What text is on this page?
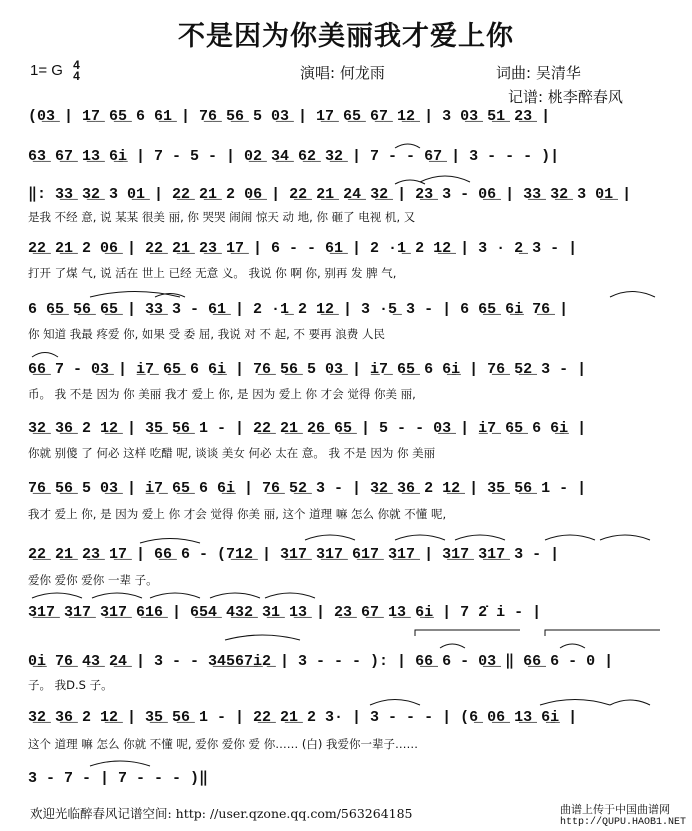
不是因为你美丽我才爱上你
1= G 4
4	演唱: 何龙雨	词曲: 吴清华
记谱: 桃李醉春风
(0̲3̲ | 1̲7̲ 6̲5̲ 6 6̲1̲ | 7̲6̲ 5̲6̲ 5 0̲3̲ | 1̲7̲ 6̲5̲ 6̲7̲ 1̲2̲ | 3 0̲3̲ 5̲1̲ 2̲3̲ |
6̲3̲ 6̲7̲ 1̲3̲ 6̲i̲ | 7 - 5 - | 0̲2̲ 3̲4̲ 6̲2̲ 3̲2̲ | 7 - - 6̲7̲ | 3 - - - )|
‖: 3̲3̲ 3̲2̲ 3 0̲1̲ | 2̲2̲ 2̲1̲ 2 0̲6̲ | 2̲2̲ 2̲1̲ 2̲4̲ 3̲2̲ | 2̲3̲ 3 - 0̲6̲ | 3̲3̲ 3̲2̲ 3 0̲1̲ |
是我 不经 意, 说 某某 很美 丽, 你 哭哭 闹闹 惊天 动 地, 你 砸了 电视 机, 又
2̲2̲ 2̲1̲ 2 0̲6̲ | 2̲2̲ 2̲1̲ 2̲3̲ 1̲7̲ | 6 - - 6̲1̲ | 2 ·1̲ 2 1̲2̲ | 3 · 2̲ 3 - |
打开 了煤 气, 说 活在 世上 已经 无意 义。 我说 你 啊 你, 别再 发 脾 气,
6 6̲5̲ 5̲6̲ 6̲5̲ | 3̲3̲ 3 - 6̲1̲ | 2 ·1̲ 2 1̲2̲ | 3 ·5̲ 3 - | 6 6̲5̲ 6̲i̲ 7̲6̲ |
你 知道 我最 疼爱 你, 如果 受 委 屈, 我说 对 不 起, 不 要再 浪费 人民
6̲6̲ 7 - 0̲3̲ | i̲7̲ 6̲5̲ 6 6̲i̲ | 7̲6̲ 5̲6̲ 5 0̲3̲ | i̲7̲ 6̲5̲ 6 6̲i̲ | 7̲6̲ 5̲2̲ 3 - |
币。 我 不是 因为 你 美丽 我才 爱上 你, 是 因为 爱上 你 才会 觉得 你美 丽,
3̲2̲ 3̲6̲ 2 1̲2̲ | 3̲5̲ 5̲6̲ 1 - | 2̲2̲ 2̲1̲ 2̲6̲ 6̲5̲ | 5 - - 0̲3̲ | i̲7̲ 6̲5̲ 6 6̲i̲ |
你就 别傻 了 何必 这样 吃醋 呢, 谈谈 美女 何必 太在 意。 我 不是 因为 你 美丽
7̲6̲ 5̲6̲ 5 0̲3̲ | i̲7̲ 6̲5̲ 6 6̲i̲ | 7̲6̲ 5̲2̲ 3 - | 3̲2̲ 3̲6̲ 2 1̲2̲ | 3̲5̲ 5̲6̲ 1 - |
我才 爱上 你, 是 因为 爱上 你 才会 觉得 你美 丽, 这个 道理 嘛 怎么 你就 不懂 呢,
2̲2̲ 2̲1̲ 2̲3̲ 1̲7̲ | 6̲6̲ 6 - (7̲1̲2̲ | 3̲1̲7̲ 3̲1̲7̲ 6̲1̲7̲ 3̲1̲7̲ | 3̲1̲7̲ 3̲1̲7̲ 3 - |
爱你 爱你 爱你 一辈 子。
3̲1̲7̲ 3̲1̲7̲ 3̲1̲7̲ 6̲1̲6̲ | 6̲5̲4̲ 4̲3̲2̲ 3̲1̲ 1̲3̲ | 2̲3̲ 6̲7̲ 1̲3̲ 6̲i̲ | 7 2̇ i - |
0̲i̲ 7̲6̲ 4̲3̲ 2̲4̲ | 3 - - 3̲4̲5̲6̲7̲i̲2̲ | 3 - - - ): | 6̲6̲ 6 - 0̲3̲ ‖ 6̲6̲ 6 - 0 |
子。 我D.S 子。
3̲2̲ 3̲6̲ 2 1̲2̲ | 3̲5̲ 5̲6̲ 1 - | 2̲2̲ 2̲1̲ 2 3· | 3 - - - | (6̲ 0̲6̲ 1̲3̲ 6̲i̲ |
这个 道理 嘛 怎么 你就 不懂 呢, 爱你 爱你 爱 你…… (白) 我爱你一辈子……
3 - 7 - | 7 - - - )‖
欢迎光临醉春风记谱空间: http: //user.qzone.qq.com/563264185	曲谱上传于中国曲谱网
http://QUPU.HAOB1.NET
